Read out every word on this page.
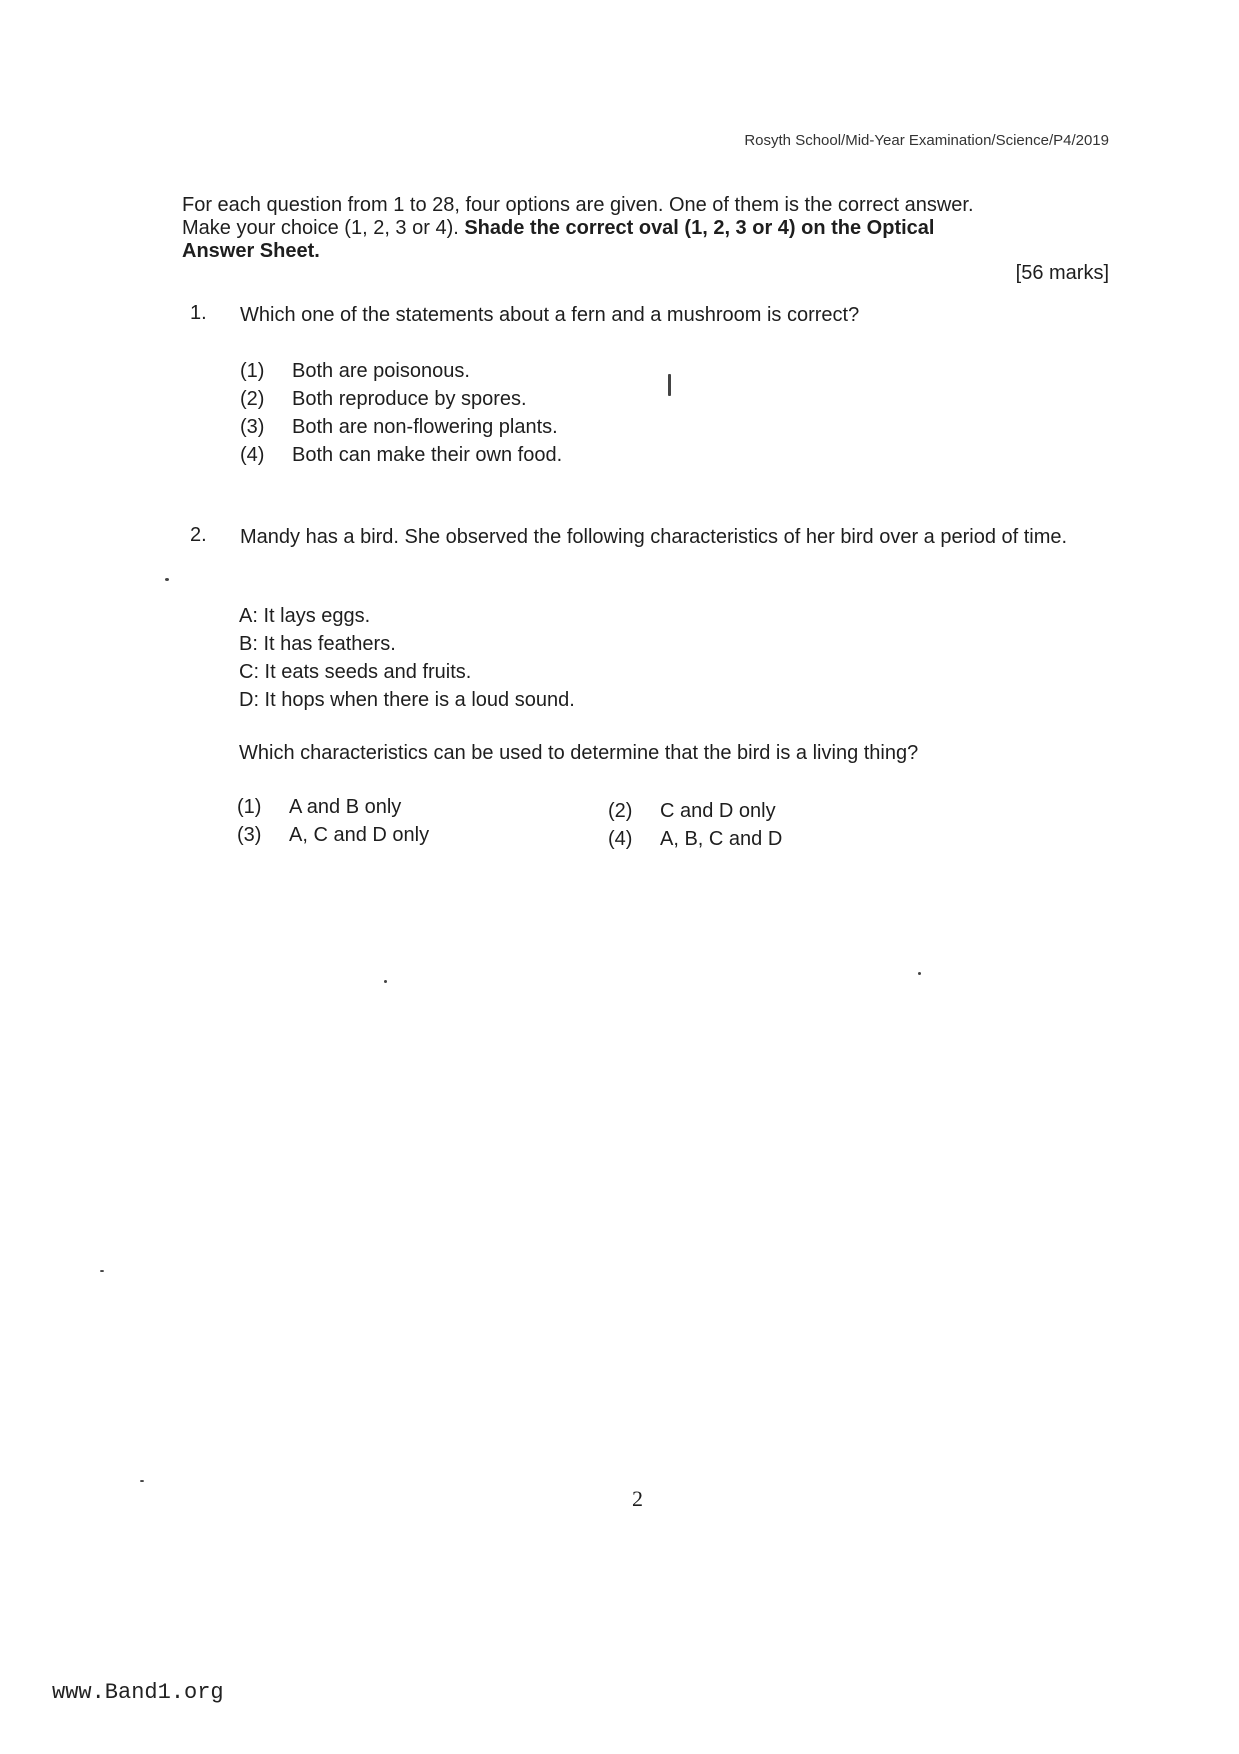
Rosyth School/Mid-Year Examination/Science/P4/2019
For each question from 1 to 28, four options are given. One of them is the correct answer.
Make your choice (1, 2, 3 or 4). Shade the correct oval (1, 2, 3 or 4) on the Optical
Answer Sheet.
[56 marks]
1. Which one of the statements about a fern and a mushroom is correct?
(1) Both are poisonous.
(2) Both reproduce by spores.
(3) Both are non-flowering plants.
(4) Both can make their own food.
2. Mandy has a bird. She observed the following characteristics of her bird over a period of time.
A: It lays eggs.
B: It has feathers.
C: It eats seeds and fruits.
D: It hops when there is a loud sound.
Which characteristics can be used to determine that the bird is a living thing?
(1) A and B only	(2) C and D only
(3) A, C and D only	(4) A, B, C and D
2
www.Band1.org
